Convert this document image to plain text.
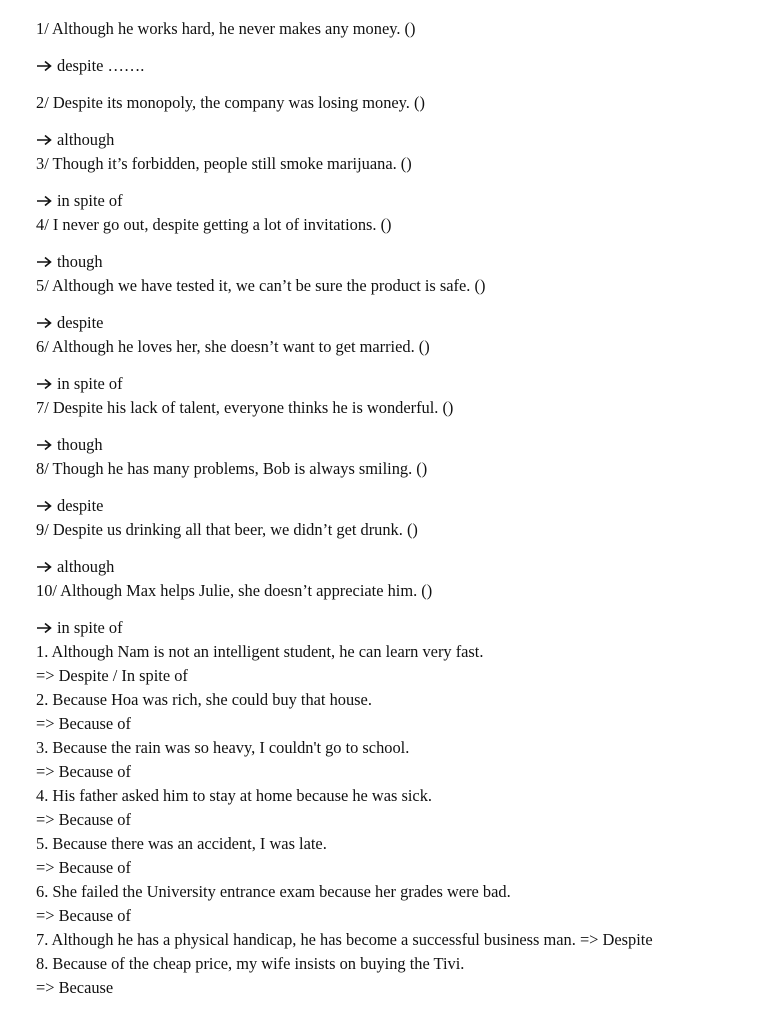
1/ Although he works hard, he never makes any money. ()
despite …….
2/ Despite its monopoly, the company was losing money. ()
although
3/ Though it’s forbidden, people still smoke marijuana. ()
in spite of
4/ I never go out, despite getting a lot of invitations. ()
though
5/ Although we have tested it, we can’t be sure the product is safe. ()
despite
6/ Although he loves her, she doesn’t want to get married. ()
in spite of
7/ Despite his lack of talent, everyone thinks he is wonderful. ()
though
8/ Though he has many problems, Bob is always smiling. ()
despite
9/ Despite us drinking all that beer, we didn’t get drunk. ()
although
10/ Although Max helps Julie, she doesn’t appreciate him. ()
in spite of
1. Although Nam is not an intelligent student, he can learn very fast.
=> Despite / In spite of
2. Because Hoa was rich, she could buy that house.
=> Because of
3. Because the rain was so heavy, I couldn't go to school.
=> Because of
4. His father asked him to stay at home because he was sick.
=> Because of
5. Because there was an accident, I was late.
=> Because of
6. She failed the University entrance exam because her grades were bad.
=> Because of
7. Although he has a physical handicap, he has become a successful business man. => Despite
8. Because of the cheap price, my wife insists on buying the Tivi.
=> Because
